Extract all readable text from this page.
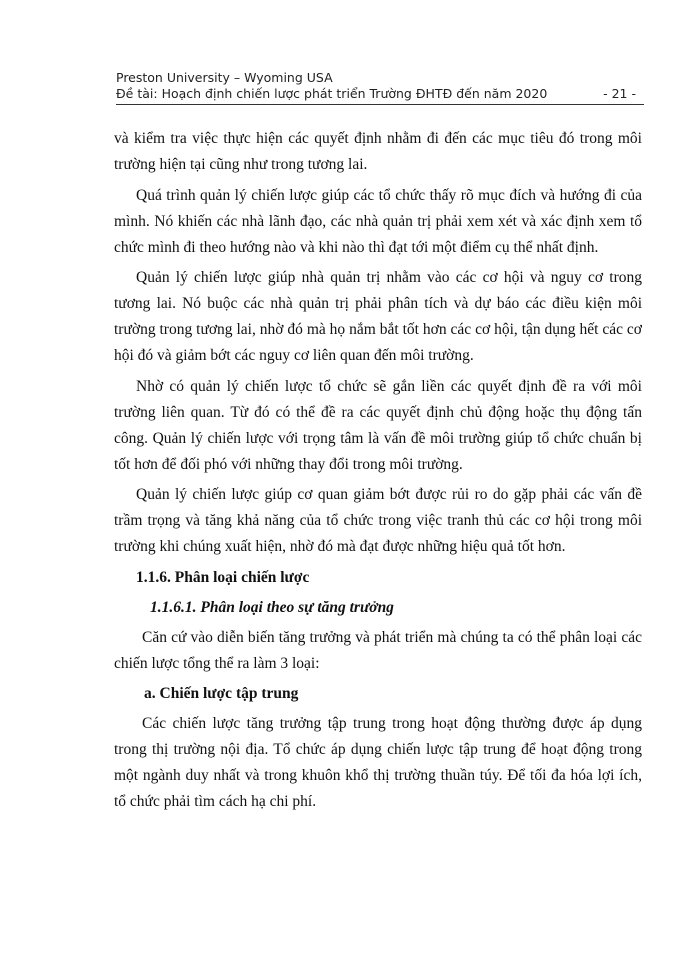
Preston University – Wyoming USA
Đề tài: Hoạch định chiến lược phát triển Trường ĐHTĐ đến năm 2020	- 21 -

và kiểm tra việc thực hiện các quyết định nhằm đi đến các mục tiêu đó trong môi trường hiện tại cũng như trong tương lai.

Quá trình quản lý chiến lược giúp các tổ chức thấy rõ mục đích và hướng đi của mình. Nó khiến các nhà lãnh đạo, các nhà quản trị phải xem xét và xác định xem tổ chức mình đi theo hướng nào và khi nào thì đạt tới một điểm cụ thể nhất định.

Quản lý chiến lược giúp nhà quản trị nhằm vào các cơ hội và nguy cơ trong tương lai. Nó buộc các nhà quản trị phải phân tích và dự báo các điều kiện môi trường trong tương lai, nhờ đó mà họ nắm bắt tốt hơn các cơ hội, tận dụng hết các cơ hội đó và giảm bớt các nguy cơ liên quan đến môi trường.

Nhờ có quản lý chiến lược tổ chức sẽ gắn liền các quyết định đề ra với môi trường liên quan. Từ đó có thể đề ra các quyết định chủ động hoặc thụ động tấn công. Quản lý chiến lược với trọng tâm là vấn đề môi trường giúp tổ chức chuẩn bị tốt hơn để đối phó với những thay đổi trong môi trường.

Quản lý chiến lược giúp cơ quan giảm bớt được rủi ro do gặp phải các vấn đề trầm trọng và tăng khả năng của tổ chức trong việc tranh thủ các cơ hội trong môi trường khi chúng xuất hiện, nhờ đó mà đạt được những hiệu quả tốt hơn.

1.1.6. Phân loại chiến lược
1.1.6.1. Phân loại theo sự tăng trưởng

Căn cứ vào diễn biến tăng trưởng và phát triển mà chúng ta có thể phân loại các chiến lược tổng thể ra làm 3 loại:

a. Chiến lược tập trung

Các chiến lược tăng trưởng tập trung trong hoạt động thường được áp dụng trong thị trường nội địa. Tổ chức áp dụng chiến lược tập trung để hoạt động trong một ngành duy nhất và trong khuôn khổ thị trường thuần túy. Để tối đa hóa lợi ích, tổ chức phải tìm cách hạ chi phí.
